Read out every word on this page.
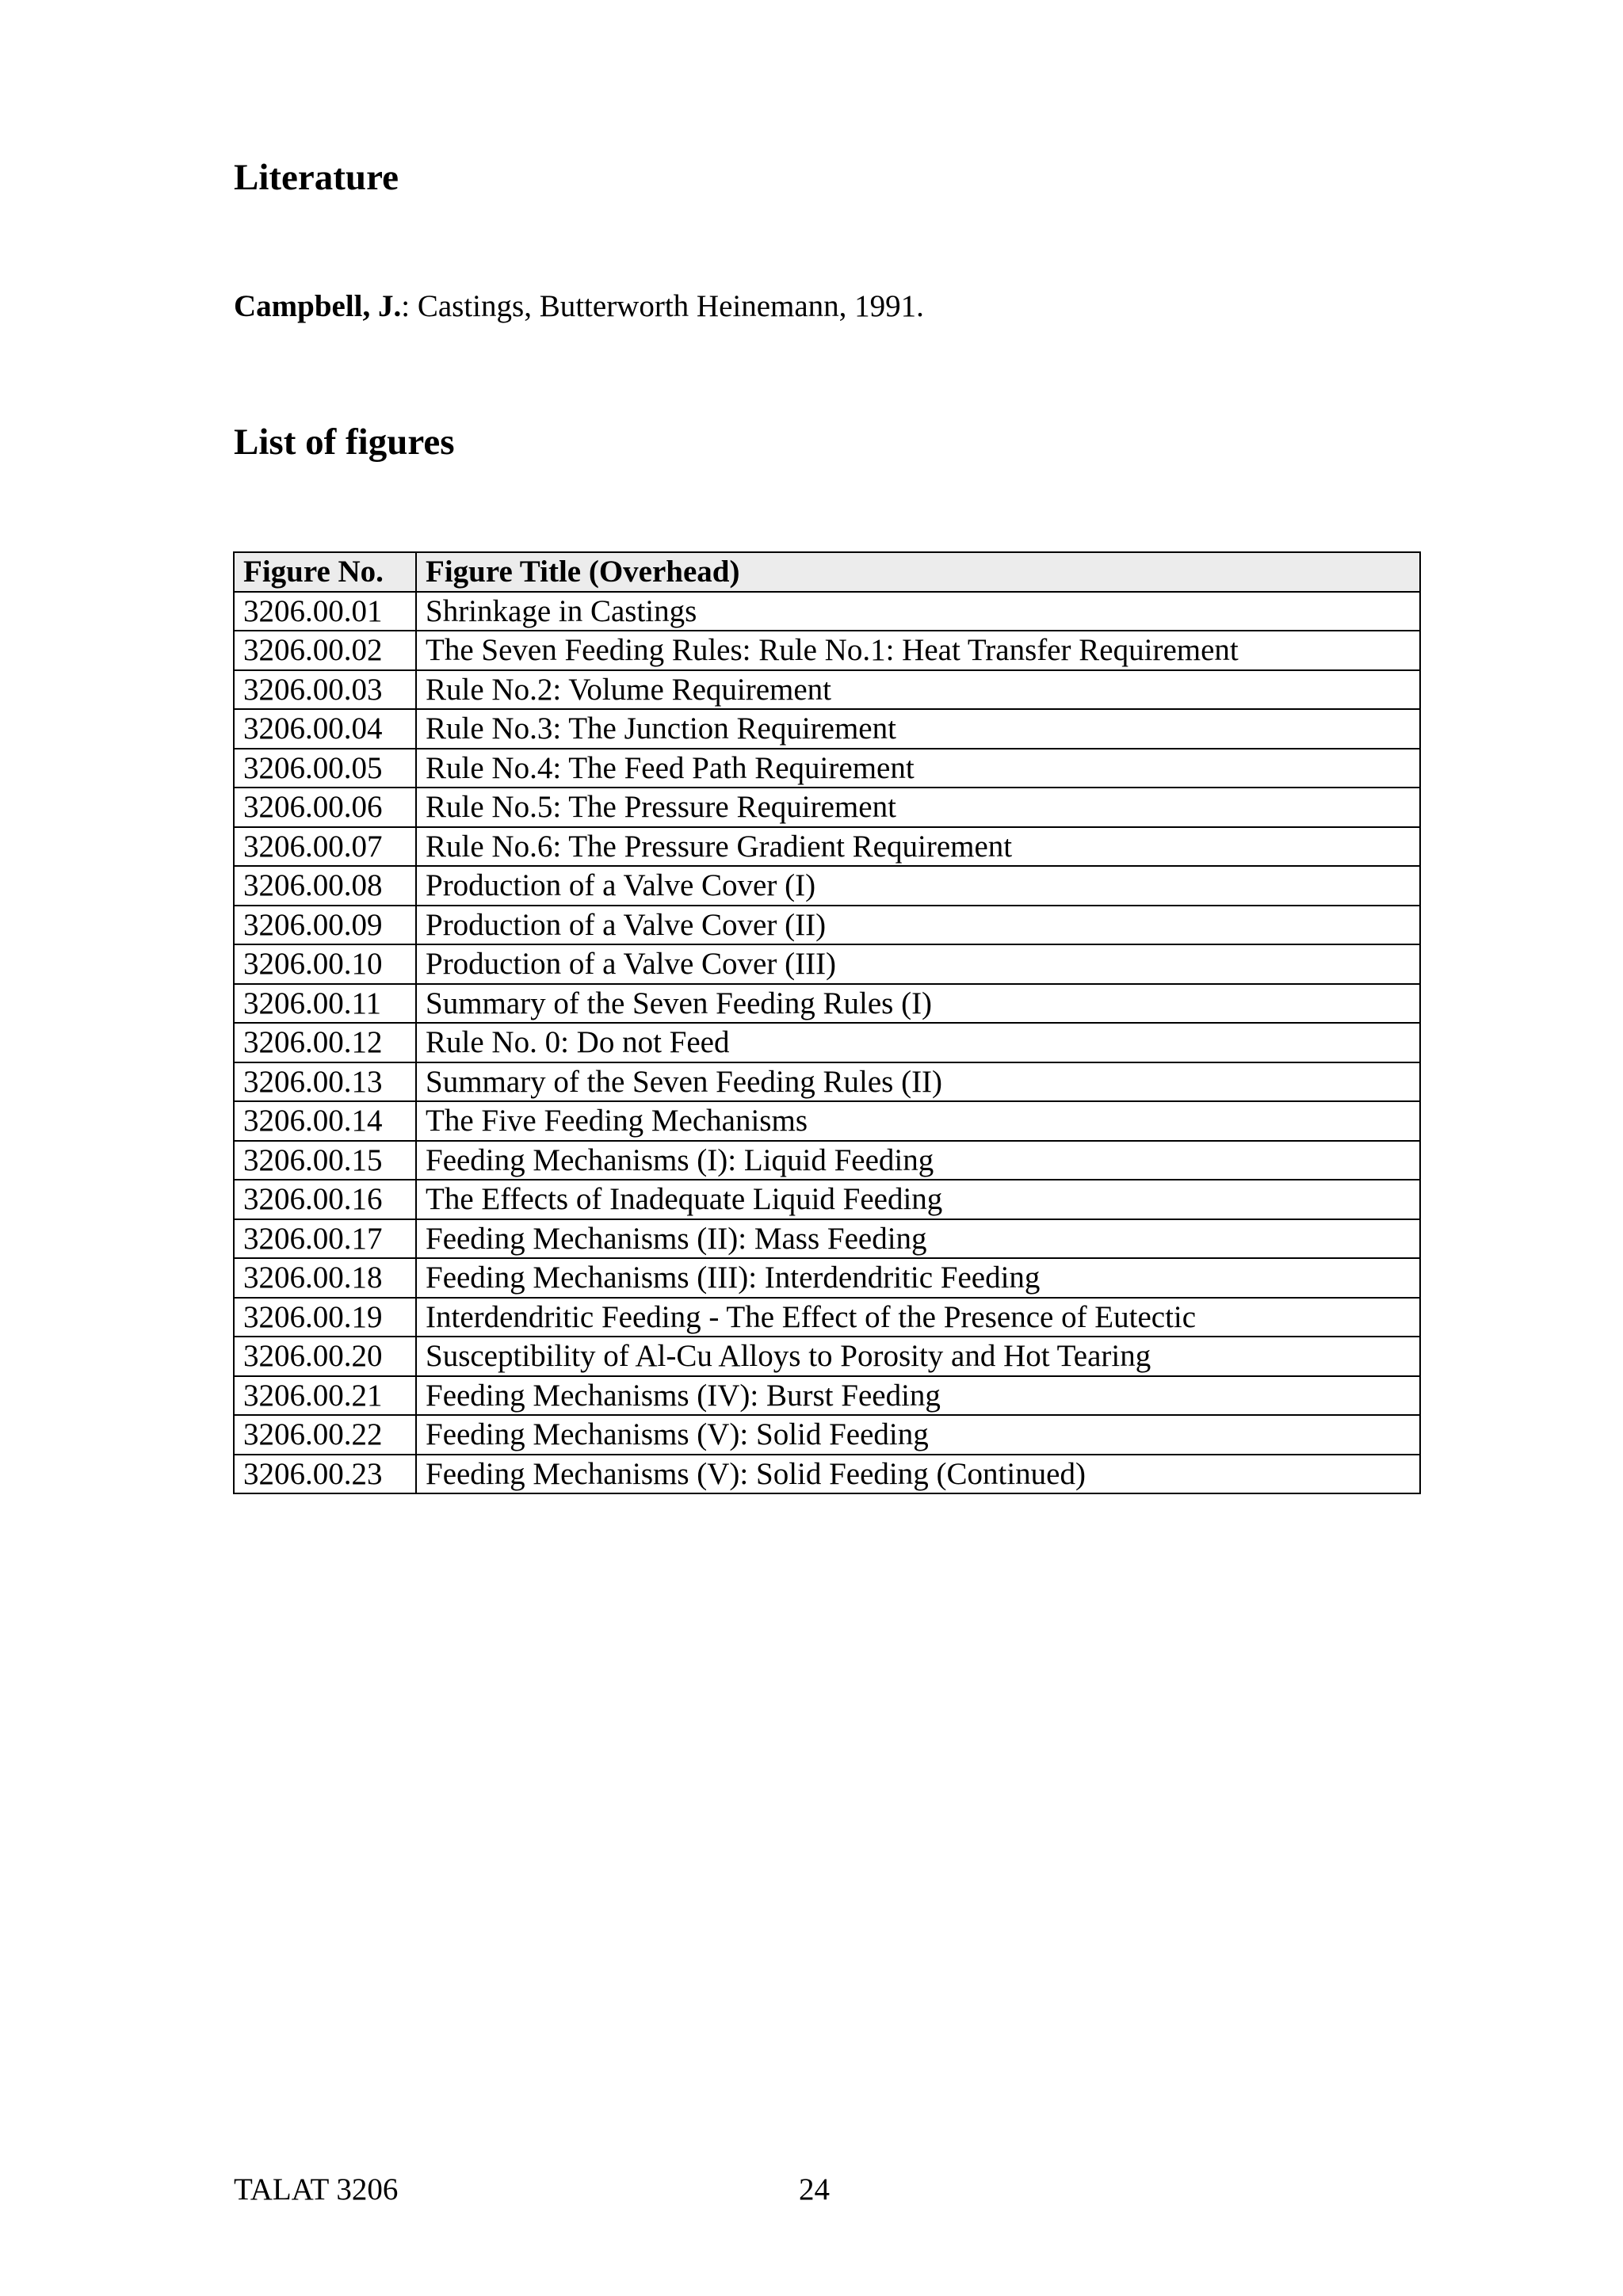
Literature
Campbell, J.: Castings, Butterworth Heinemann, 1991.
List of figures
Figure No.	Figure Title (Overhead)
3206.00.01	Shrinkage in Castings
3206.00.02	The Seven Feeding Rules: Rule No.1: Heat Transfer Requirement
3206.00.03	Rule No.2: Volume Requirement
3206.00.04	Rule No.3: The Junction Requirement
3206.00.05	Rule No.4: The Feed Path Requirement
3206.00.06	Rule No.5: The Pressure Requirement
3206.00.07	Rule No.6: The Pressure Gradient Requirement
3206.00.08	Production of a Valve Cover (I)
3206.00.09	Production of a Valve Cover (II)
3206.00.10	Production of a Valve Cover (III)
3206.00.11	Summary of the Seven Feeding Rules (I)
3206.00.12	Rule No. 0: Do not Feed
3206.00.13	Summary of the Seven Feeding Rules (II)
3206.00.14	The Five Feeding Mechanisms
3206.00.15	Feeding Mechanisms (I): Liquid Feeding
3206.00.16	The Effects of Inadequate Liquid Feeding
3206.00.17	Feeding Mechanisms (II): Mass Feeding
3206.00.18	Feeding Mechanisms (III): Interdendritic Feeding
3206.00.19	Interdendritic Feeding - The Effect of the Presence of Eutectic
3206.00.20	Susceptibility of Al-Cu Alloys to Porosity and Hot Tearing
3206.00.21	Feeding Mechanisms (IV): Burst Feeding
3206.00.22	Feeding Mechanisms (V): Solid Feeding
3206.00.23	Feeding Mechanisms (V): Solid Feeding (Continued)
TALAT 3206	24
